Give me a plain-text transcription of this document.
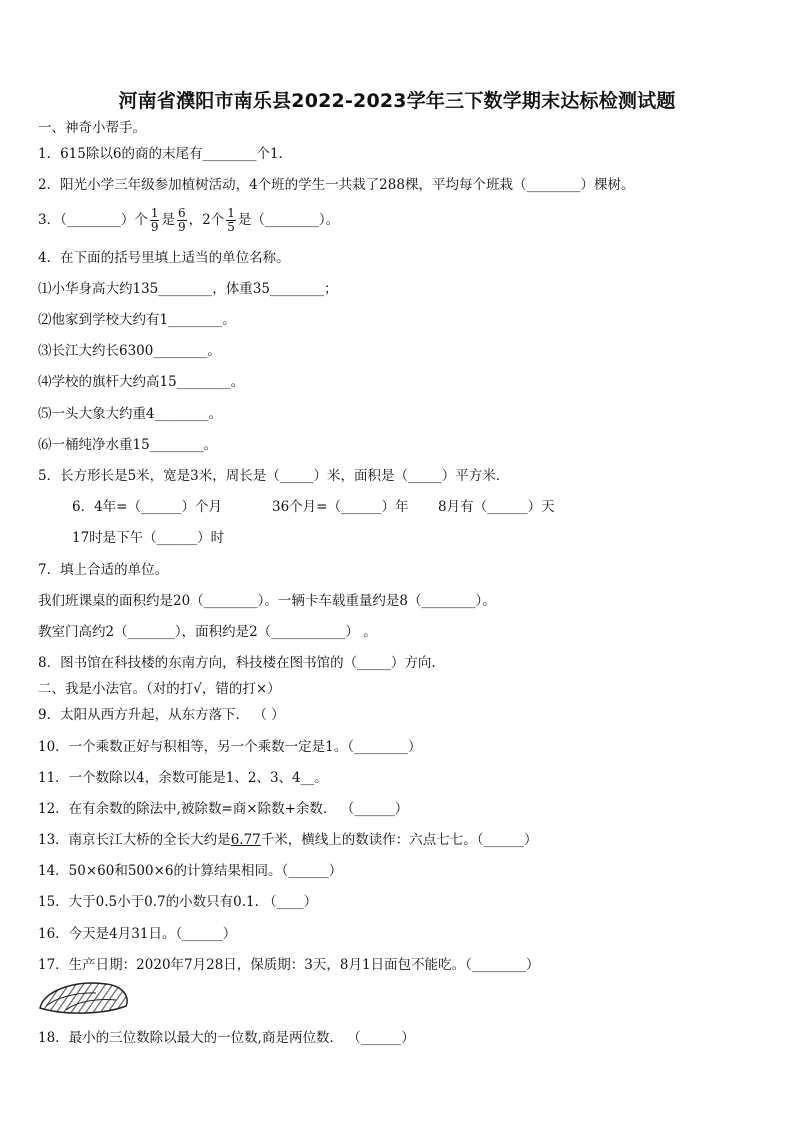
河南省濮阳市南乐县2022-2023学年三下数学期末达标检测试题
一、神奇小帮手。
1．615除以6的商的末尾有________个1．
2．阳光小学三年级参加植树活动，4个班的学生一共栽了288棵，平均每个班栽（________）棵树。
3．（________）个 $\frac{1}{9}$ 是 $\frac{6}{9}$ ，2个 $\frac{1}{5}$ 是（________）。
4．在下面的括号里填上适当的单位名称。
⑴小华身高大约135________，体重35________；
⑵他家到学校大约有1________。
⑶长江大约长6300________。
⑷学校的旗杆大约高15________。
⑸一头大象大约重4________。
⑹一桶纯净水重15________。
5．长方形长是5米，宽是3米，周长是（_____）米，面积是（_____）平方米．
6．4年=（______）个月	36个月=（______）年 8月有（______）天
17时是下午（______）时
7．填上合适的单位。
我们班课桌的面积约是20（________）。一辆卡车载重量约是8（________）。
教室门高约2（_______），面积约是2（___________） 。
8．图书馆在科技楼的东南方向，科技楼在图书馆的（_____）方向.
二、我是小法官。（对的打√，错的打×）
9．太阳从西方升起，从东方落下． （ ）
10．一个乘数正好与积相等，另一个乘数一定是1。（________）
11．一个数除以4，余数可能是1、2、3、4__。
12．在有余数的除法中,被除数=商×除数+余数． （______）
13．南京长江大桥的全长大约是6.77千米，横线上的数读作：六点七七。（______）
14．50×60和500×6的计算结果相同。（______）
15．大于0.5小于0.7的小数只有0.1. （____）
16．今天是4月31日。（______）
17．生产日期：2020年7月28日，保质期：3天，8月1日面包不能吃。（________）
18．最小的三位数除以最大的一位数,商是两位数． （______）
